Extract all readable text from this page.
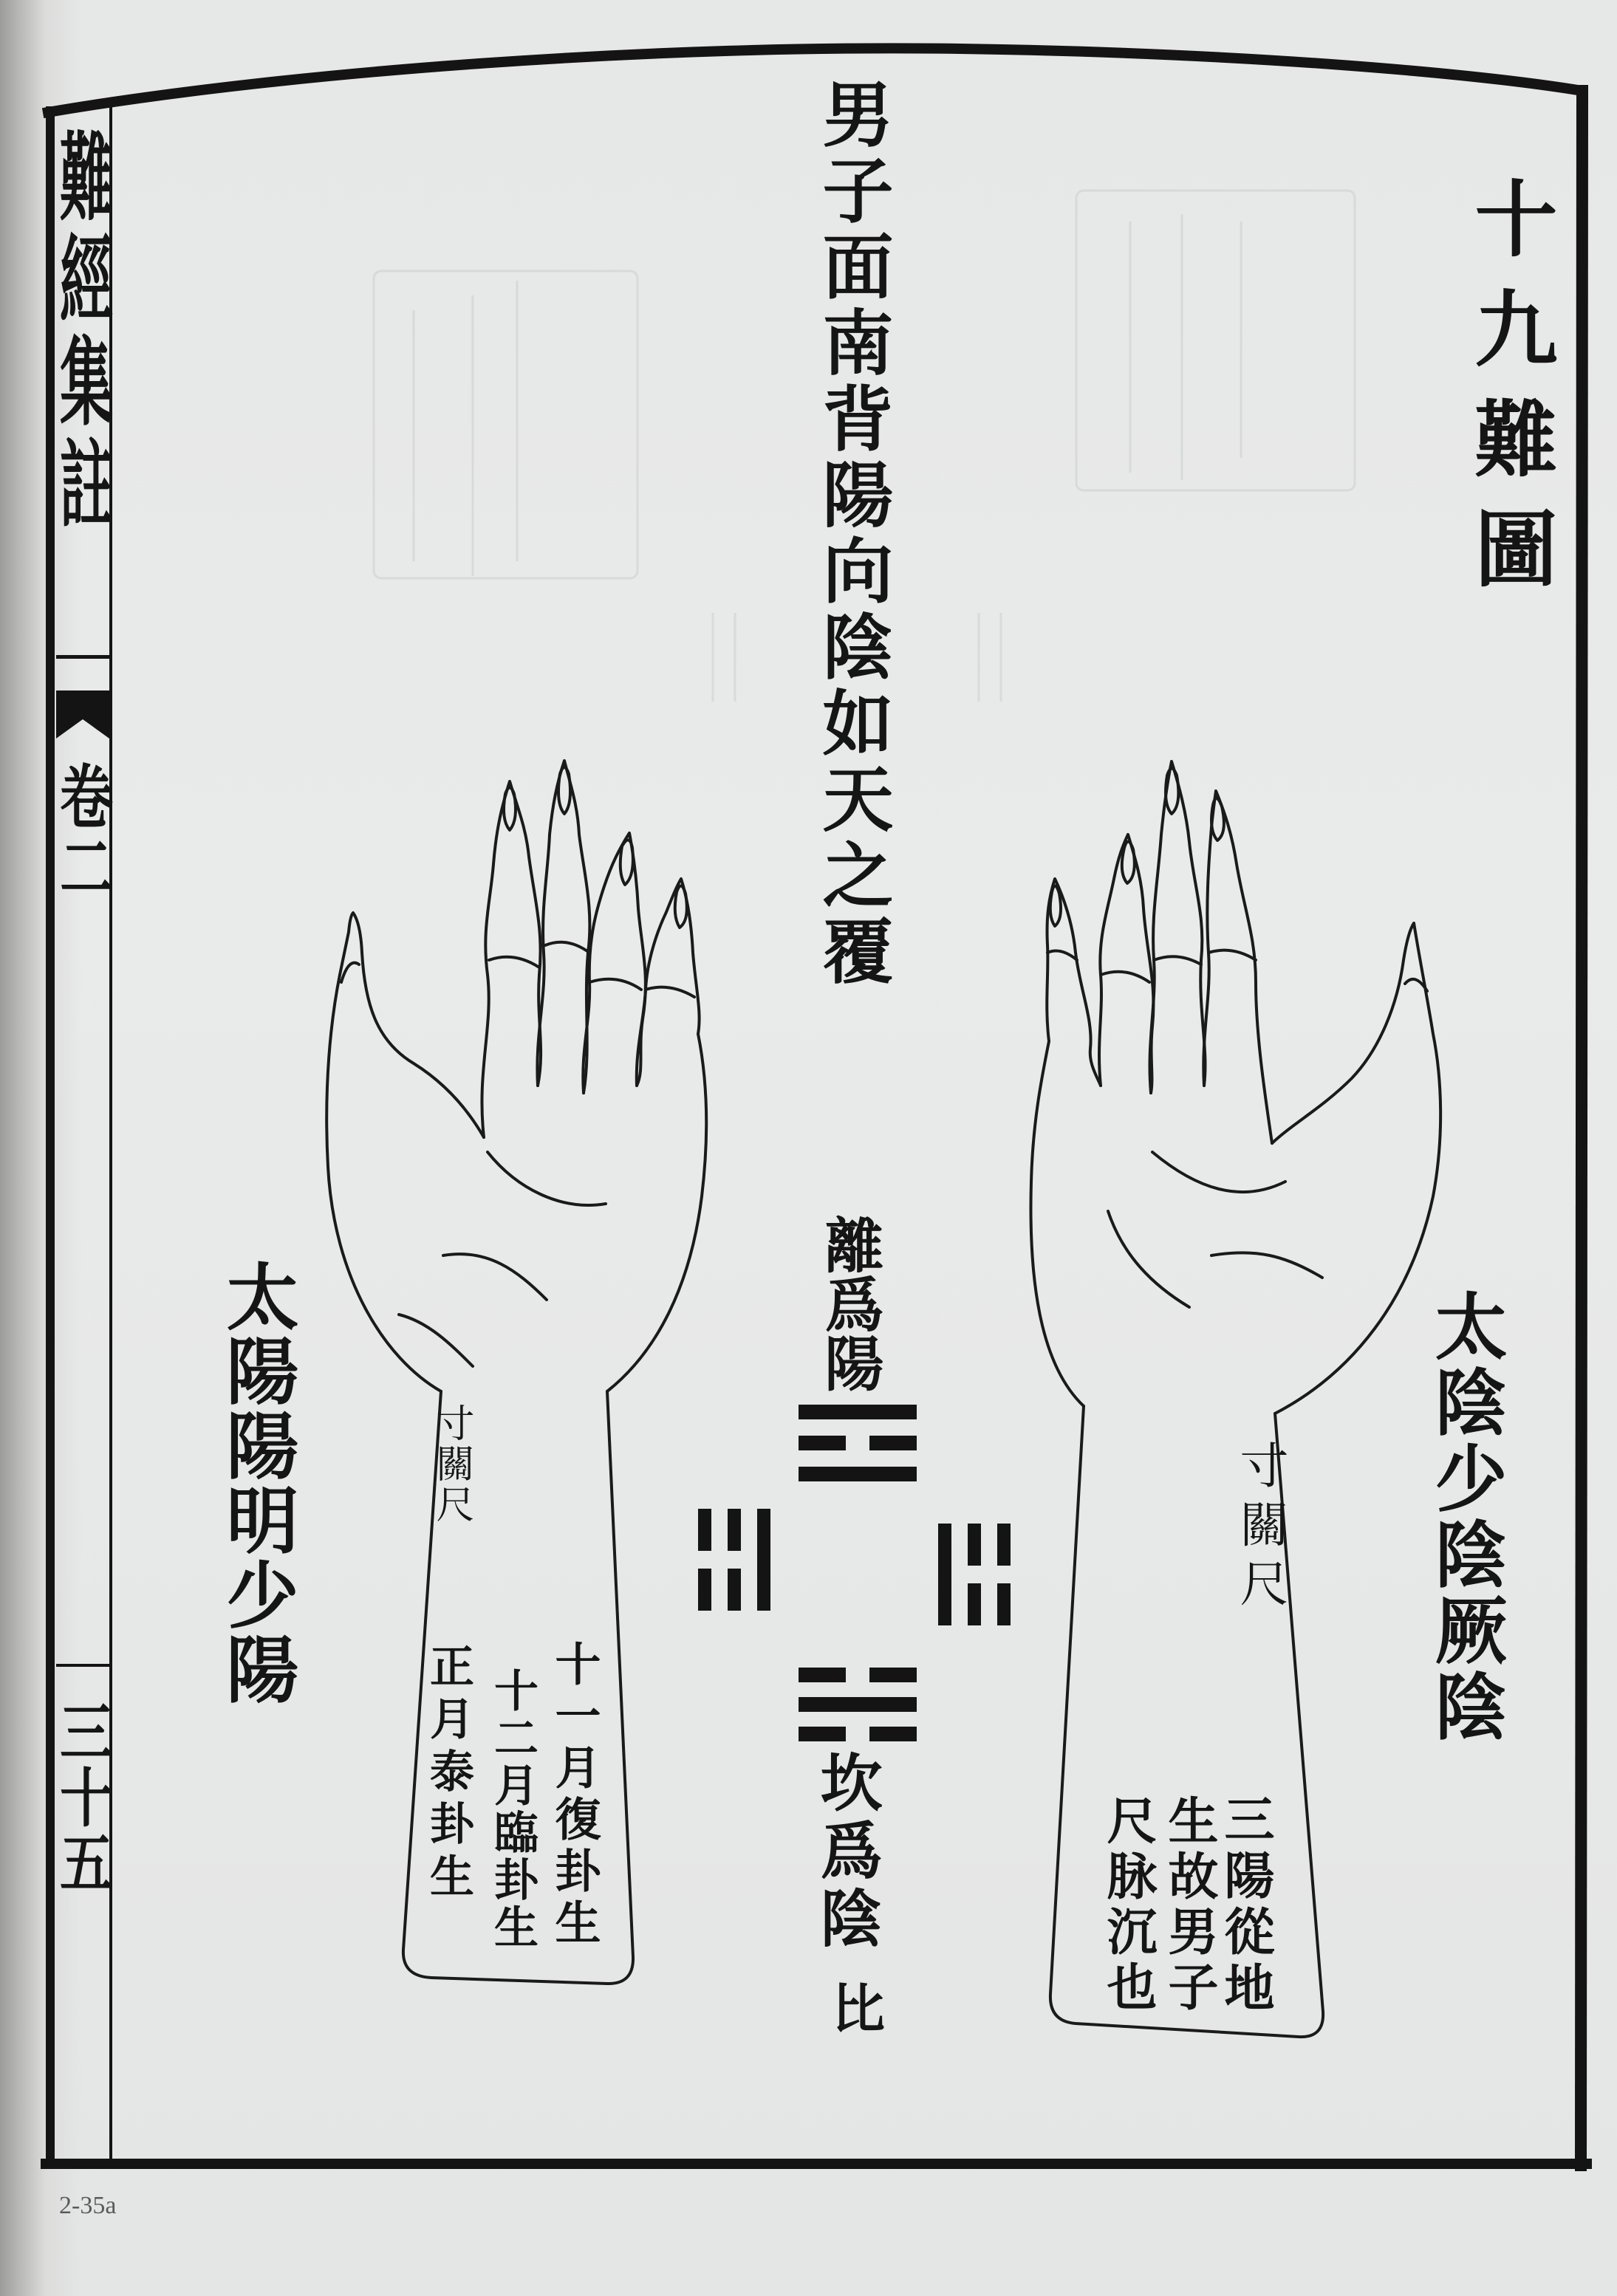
難經集註
卷二
三十五
十九難圖
男子面南背陽向陰如天之覆
離爲陽
坎爲陰
比
太陽陽明少陽	寸關尺
十一月復卦生
十二月臨卦生
正月泰卦生
太陰少陰厥陰
寸關尺
三陽從地
生故男子
尺脉沉也
2-35a
